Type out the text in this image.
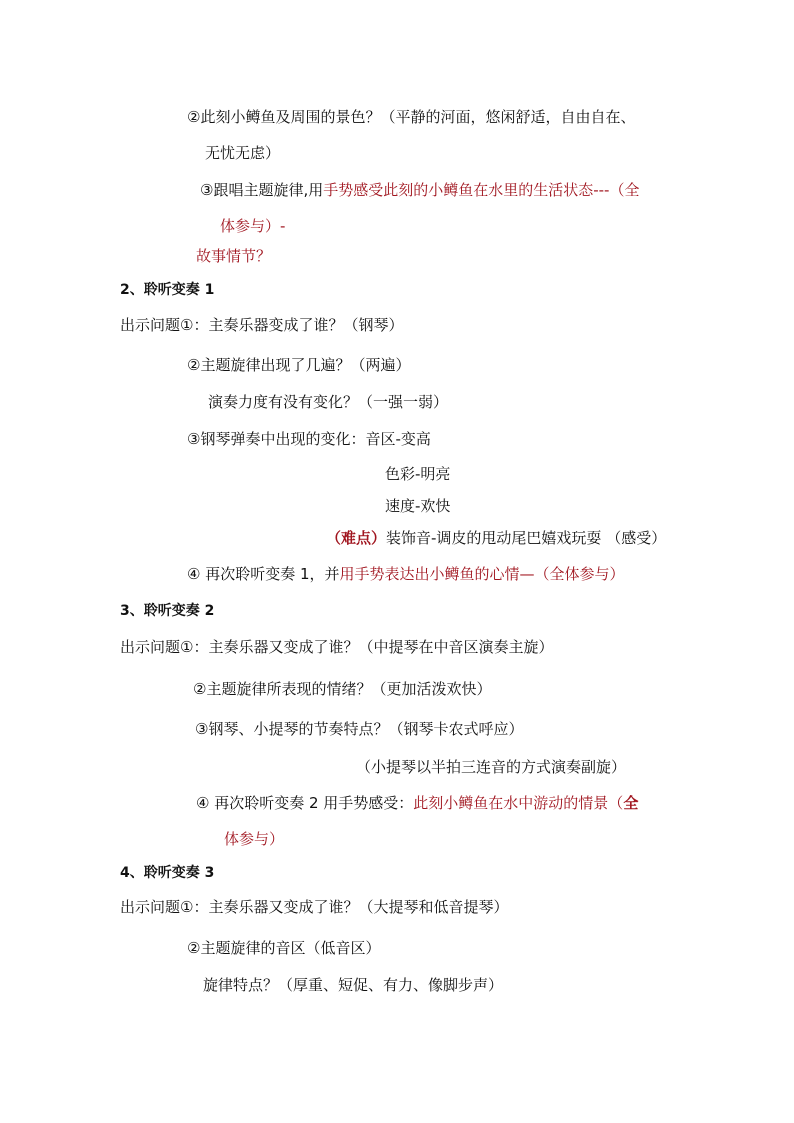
②此刻小鳟鱼及周围的景色？（平静的河面，悠闲舒适，自由自在、
无忧无虑）
③跟唱主题旋律,用手势感受此刻的小鳟鱼在水里的生活状态---（全
体参与）-
故事情节？
2、聆听变奏 1
出示问题①：主奏乐器变成了谁？（钢琴）
②主题旋律出现了几遍？（两遍）
演奏力度有没有变化？（一强一弱）
③钢琴弹奏中出现的变化：音区-变高
色彩-明亮
速度-欢快
（难点）装饰音-调皮的甩动尾巴嬉戏玩耍 （感受）
④ 再次聆听变奏 1，并用手势表达出小鳟鱼的心情—（全体参与）
3、聆听变奏 2
出示问题①：主奏乐器又变成了谁？（中提琴在中音区演奏主旋）
②主题旋律所表现的情绪？（更加活泼欢快）
③钢琴、小提琴的节奏特点？（钢琴卡农式呼应）
（小提琴以半拍三连音的方式演奏副旋）
④ 再次聆听变奏 2 用手势感受：此刻小鳟鱼在水中游动的情景（全
体参与）
4、聆听变奏 3
出示问题①：主奏乐器又变成了谁？（大提琴和低音提琴）
②主题旋律的音区（低音区）
旋律特点？（厚重、短促、有力、像脚步声）
